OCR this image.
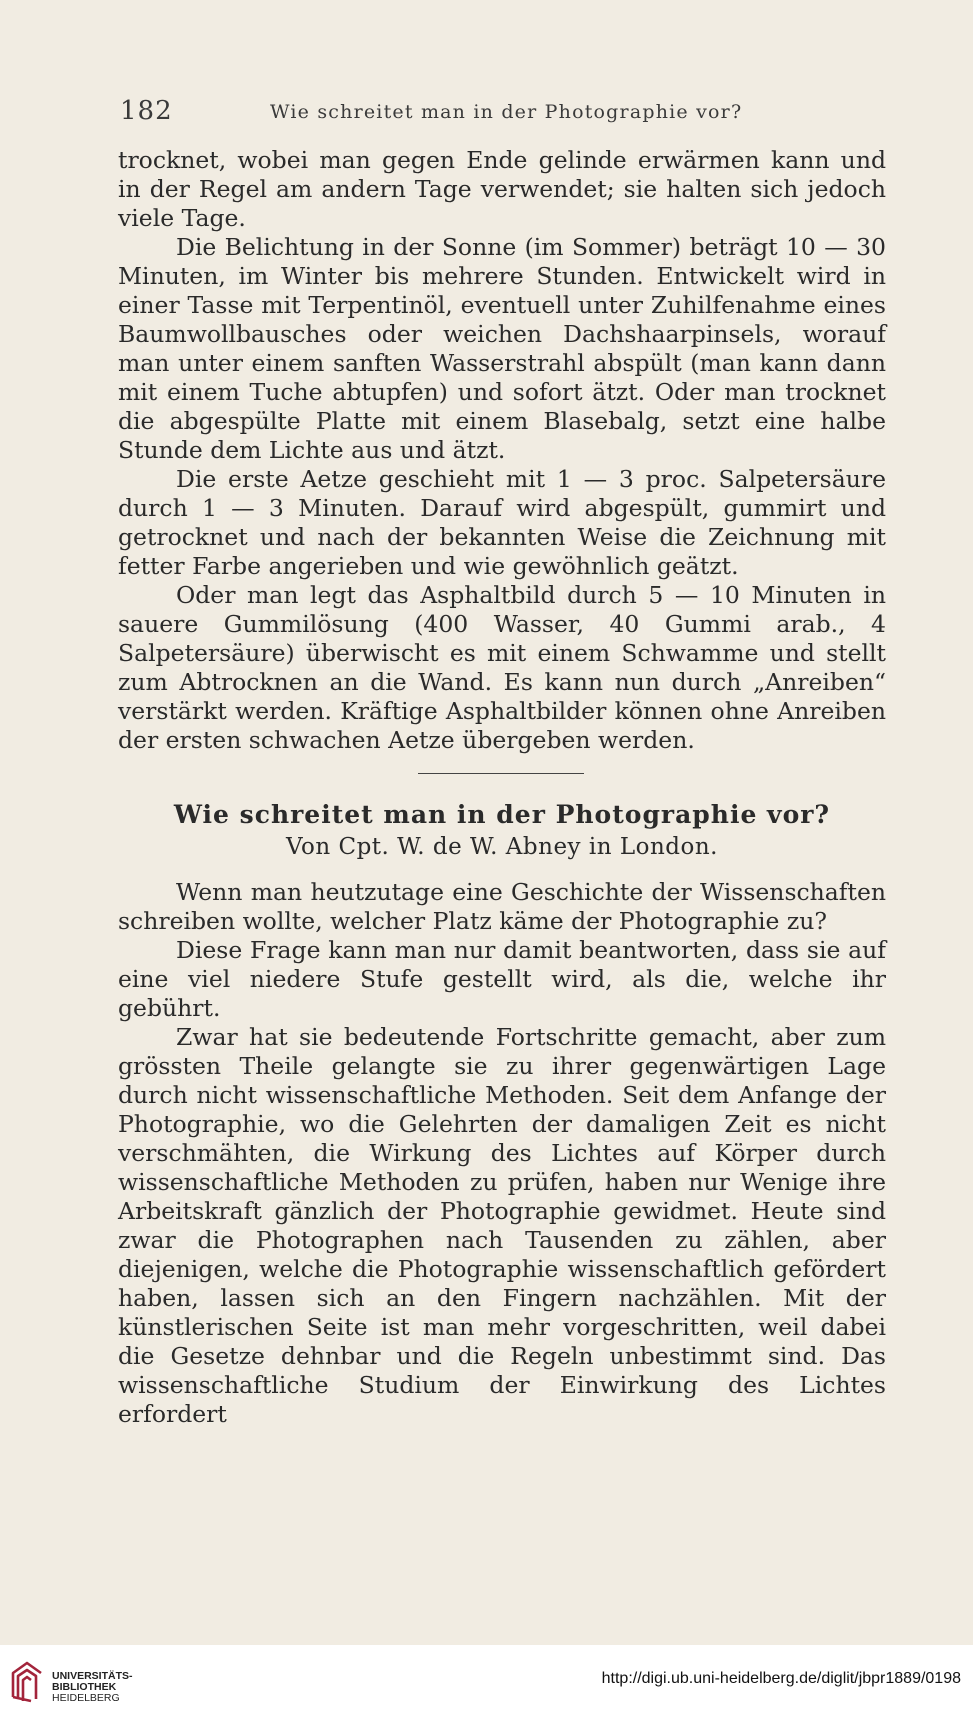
182	Wie schreitet man in der Photographie vor?

trocknet, wobei man gegen Ende gelinde erwärmen kann und in der Regel am andern Tage verwendet; sie halten sich jedoch viele Tage.

Die Belichtung in der Sonne (im Sommer) beträgt 10 — 30 Minuten, im Winter bis mehrere Stunden. Entwickelt wird in einer Tasse mit Terpentinöl, eventuell unter Zuhilfenahme eines Baumwollbausches oder weichen Dachshaarpinsels, worauf man unter einem sanften Wasserstrahl abspült (man kann dann mit einem Tuche abtupfen) und sofort ätzt. Oder man trocknet die abgespülte Platte mit einem Blasebalg, setzt eine halbe Stunde dem Lichte aus und ätzt.

Die erste Aetze geschieht mit 1 — 3 proc. Salpetersäure durch 1 — 3 Minuten. Darauf wird abgespült, gummirt und getrocknet und nach der bekannten Weise die Zeichnung mit fetter Farbe angerieben und wie gewöhnlich geätzt.

Oder man legt das Asphaltbild durch 5 — 10 Minuten in sauere Gummilösung (400 Wasser, 40 Gummi arab., 4 Salpetersäure) überwischt es mit einem Schwamme und stellt zum Abtrocknen an die Wand. Es kann nun durch „Anreiben“ verstärkt werden. Kräftige Asphaltbilder können ohne Anreiben der ersten schwachen Aetze übergeben werden.

Wie schreitet man in der Photographie vor?
Von Cpt. W. de W. Abney in London.

Wenn man heutzutage eine Geschichte der Wissenschaften schreiben wollte, welcher Platz käme der Photographie zu?

Diese Frage kann man nur damit beantworten, dass sie auf eine viel niedere Stufe gestellt wird, als die, welche ihr gebührt.

Zwar hat sie bedeutende Fortschritte gemacht, aber zum grössten Theile gelangte sie zu ihrer gegenwärtigen Lage durch nicht wissenschaftliche Methoden. Seit dem Anfange der Photographie, wo die Gelehrten der damaligen Zeit es nicht verschmähten, die Wirkung des Lichtes auf Körper durch wissenschaftliche Methoden zu prüfen, haben nur Wenige ihre Arbeitskraft gänzlich der Photographie gewidmet. Heute sind zwar die Photographen nach Tausenden zu zählen, aber diejenigen, welche die Photographie wissenschaftlich gefördert haben, lassen sich an den Fingern nachzählen. Mit der künstlerischen Seite ist man mehr vorgeschritten, weil dabei die Gesetze dehnbar und die Regeln unbestimmt sind. Das wissenschaftliche Studium der Einwirkung des Lichtes erfordert

UNIVERSITÄTS-
BIBLIOTHEK
HEIDELBERG
http://digi.ub.uni-heidelberg.de/diglit/jbpr1889/0198
